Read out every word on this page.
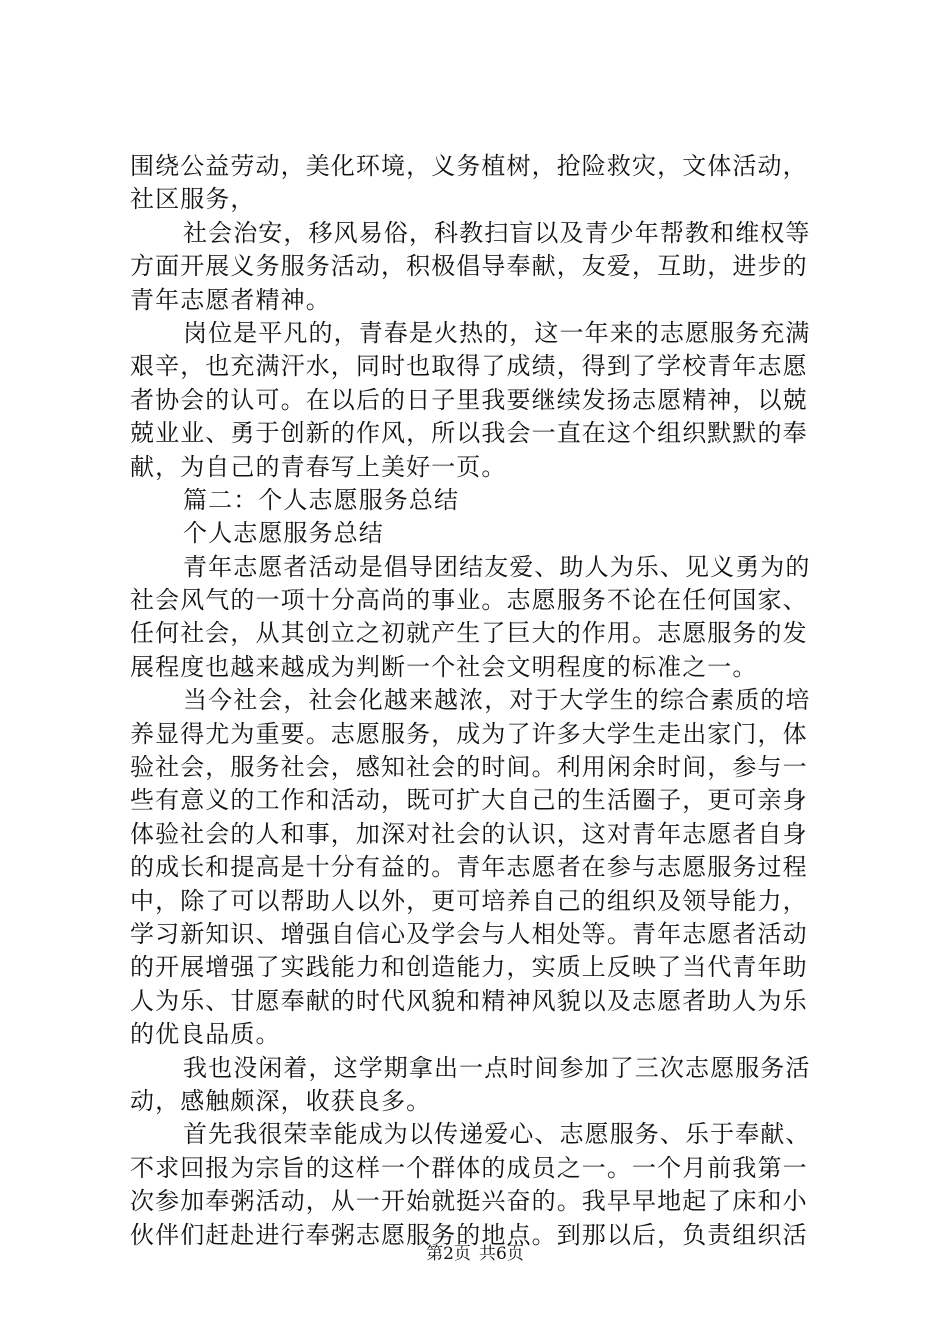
围绕公益劳动，美化环境，义务植树，抢险救灾，文体活动，
社区服务，
社会治安，移风易俗，科教扫盲以及青少年帮教和维权等
方面开展义务服务活动，积极倡导奉献，友爱，互助，进步的
青年志愿者精神。
岗位是平凡的，青春是火热的，这一年来的志愿服务充满
艰辛，也充满汗水，同时也取得了成绩，得到了学校青年志愿
者协会的认可。在以后的日子里我要继续发扬志愿精神，以兢
兢业业、勇于创新的作风，所以我会一直在这个组织默默的奉
献，为自己的青春写上美好一页。
篇二：个人志愿服务总结
个人志愿服务总结
青年志愿者活动是倡导团结友爱、助人为乐、见义勇为的
社会风气的一项十分高尚的事业。志愿服务不论在任何国家、
任何社会，从其创立之初就产生了巨大的作用。志愿服务的发
展程度也越来越成为判断一个社会文明程度的标准之一。
当今社会，社会化越来越浓，对于大学生的综合素质的培
养显得尤为重要。志愿服务，成为了许多大学生走出家门，体
验社会，服务社会，感知社会的时间。利用闲余时间，参与一
些有意义的工作和活动，既可扩大自己的生活圈子，更可亲身
体验社会的人和事，加深对社会的认识，这对青年志愿者自身
的成长和提高是十分有益的。青年志愿者在参与志愿服务过程
中，除了可以帮助人以外，更可培养自己的组织及领导能力，
学习新知识、增强自信心及学会与人相处等。青年志愿者活动
的开展增强了实践能力和创造能力，实质上反映了当代青年助
人为乐、甘愿奉献的时代风貌和精神风貌以及志愿者助人为乐
的优良品质。
我也没闲着，这学期拿出一点时间参加了三次志愿服务活
动，感触颇深，收获良多。
首先我很荣幸能成为以传递爱心、志愿服务、乐于奉献、
不求回报为宗旨的这样一个群体的成员之一。一个月前我第一
次参加奉粥活动，从一开始就挺兴奋的。我早早地起了床和小
伙伴们赶赴进行奉粥志愿服务的地点。到那以后，负责组织活
第2页 共6页
